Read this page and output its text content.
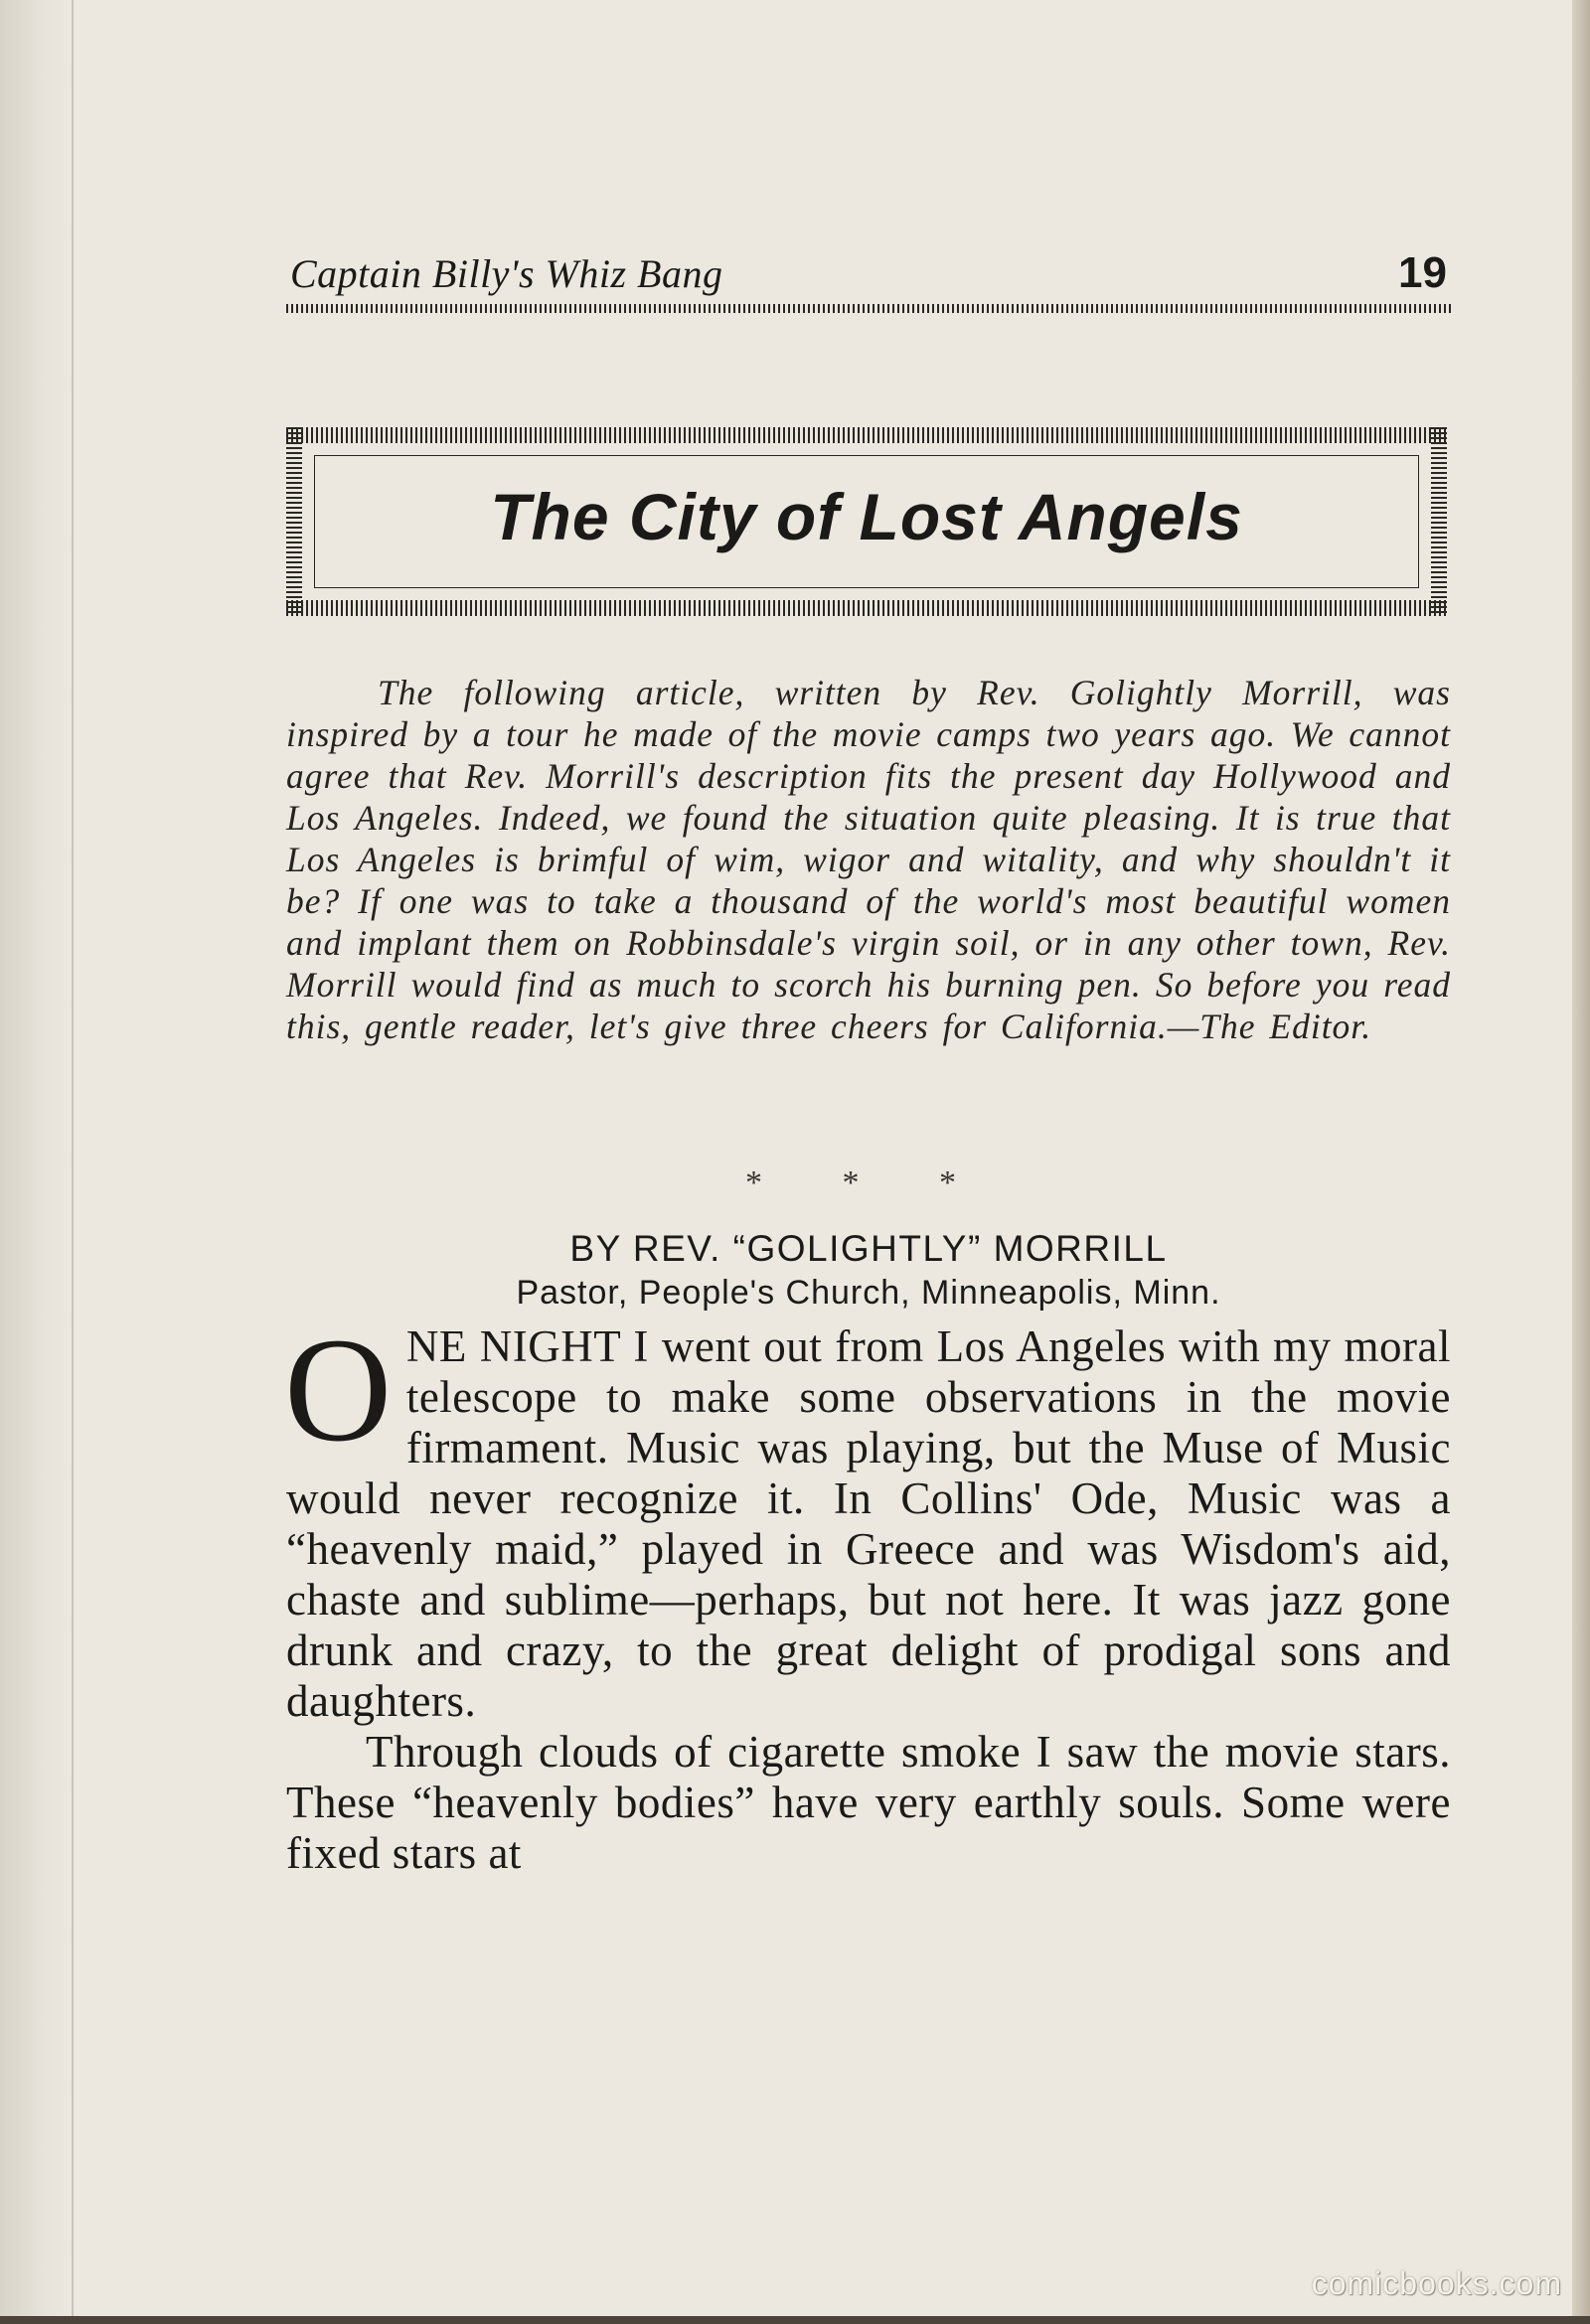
Captain Billy's Whiz Bang	19
The City of Lost Angels
The following article, written by Rev. Golightly Morrill, was inspired by a tour he made of the movie camps two years ago. We cannot agree that Rev. Morrill's description fits the present day Hollywood and Los Angeles. Indeed, we found the situation quite pleasing. It is true that Los Angeles is brimful of wim, wigor and witality, and why shouldn't it be? If one was to take a thousand of the world's most beautiful women and implant them on Robbinsdale's virgin soil, or in any other town, Rev. Morrill would find as much to scorch his burning pen. So before you read this, gentle reader, let's give three cheers for California.—The Editor.
* * *
BY REV. “GOLIGHTLY” MORRILL
Pastor, People's Church, Minneapolis, Minn.

ONE NIGHT I went out from Los Angeles with my moral telescope to make some observations in the movie firmament. Music was playing, but the Muse of Music would never recognize it. In Collins' Ode, Music was a “heavenly maid,” played in Greece and was Wisdom's aid, chaste and sublime—perhaps, but not here. It was jazz gone drunk and crazy, to the great delight of prodigal sons and daughters.

Through clouds of cigarette smoke I saw the movie stars. These “heavenly bodies” have very earthly souls. Some were fixed stars at

comicbooks.com
